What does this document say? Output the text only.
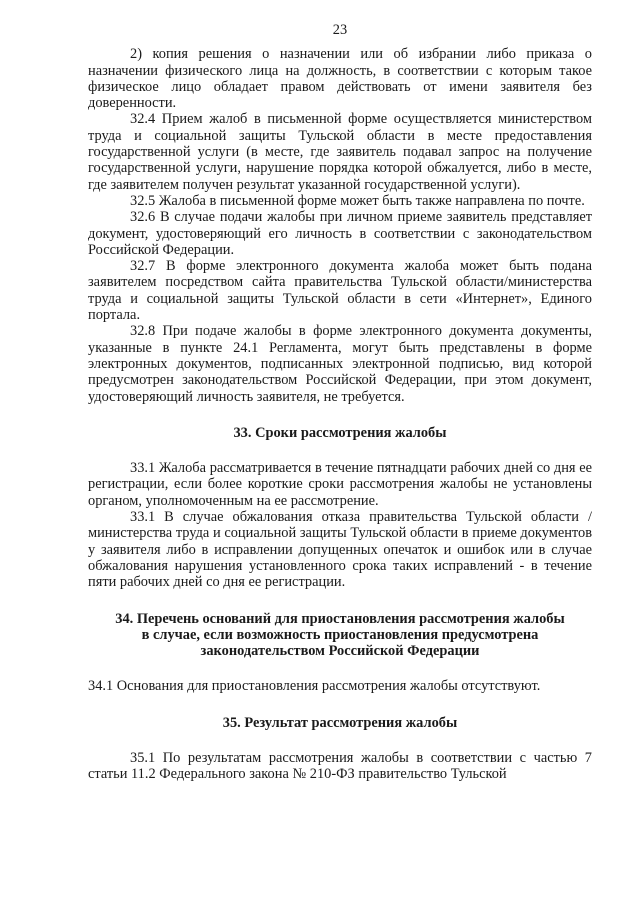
23

2) копия решения о назначении или об избрании либо приказа о назначении физического лица на должность, в соответствии с которым такое физическое лицо обладает правом действовать от имени заявителя без доверенности.

32.4 Прием жалоб в письменной форме осуществляется министерством труда и социальной защиты Тульской области в месте предоставления государственной услуги (в месте, где заявитель подавал запрос на получение государственной услуги, нарушение порядка которой обжалуется, либо в месте, где заявителем получен результат указанной государственной услуги).

32.5 Жалоба в письменной форме может быть также направлена по почте.

32.6 В случае подачи жалобы при личном приеме заявитель представляет документ, удостоверяющий его личность в соответствии с законодательством Российской Федерации.

32.7 В форме электронного документа жалоба может быть подана заявителем посредством сайта правительства Тульской области/министерства труда и социальной защиты Тульской области в сети «Интернет», Единого портала.

32.8 При подаче жалобы в форме электронного документа документы, указанные в пункте 24.1 Регламента, могут быть представлены в форме электронных документов, подписанных электронной подписью, вид которой предусмотрен законодательством Российской Федерации, при этом документ, удостоверяющий личность заявителя, не требуется.

33. Сроки рассмотрения жалобы

33.1 Жалоба рассматривается в течение пятнадцати рабочих дней со дня ее регистрации, если более короткие сроки рассмотрения жалобы не установлены органом, уполномоченным на ее рассмотрение.

33.1 В случае обжалования отказа правительства Тульской области / министерства труда и социальной защиты Тульской области в приеме документов у заявителя либо в исправлении допущенных опечаток и ошибок или в случае обжалования нарушения установленного срока таких исправлений - в течение пяти рабочих дней со дня ее регистрации.

34. Перечень оснований для приостановления рассмотрения жалобы в случае, если возможность приостановления предусмотрена законодательством Российской Федерации

34.1 Основания для приостановления рассмотрения жалобы отсутствуют.

35. Результат рассмотрения жалобы

35.1 По результатам рассмотрения жалобы в соответствии с частью 7 статьи 11.2 Федерального закона № 210-ФЗ правительство Тульской
